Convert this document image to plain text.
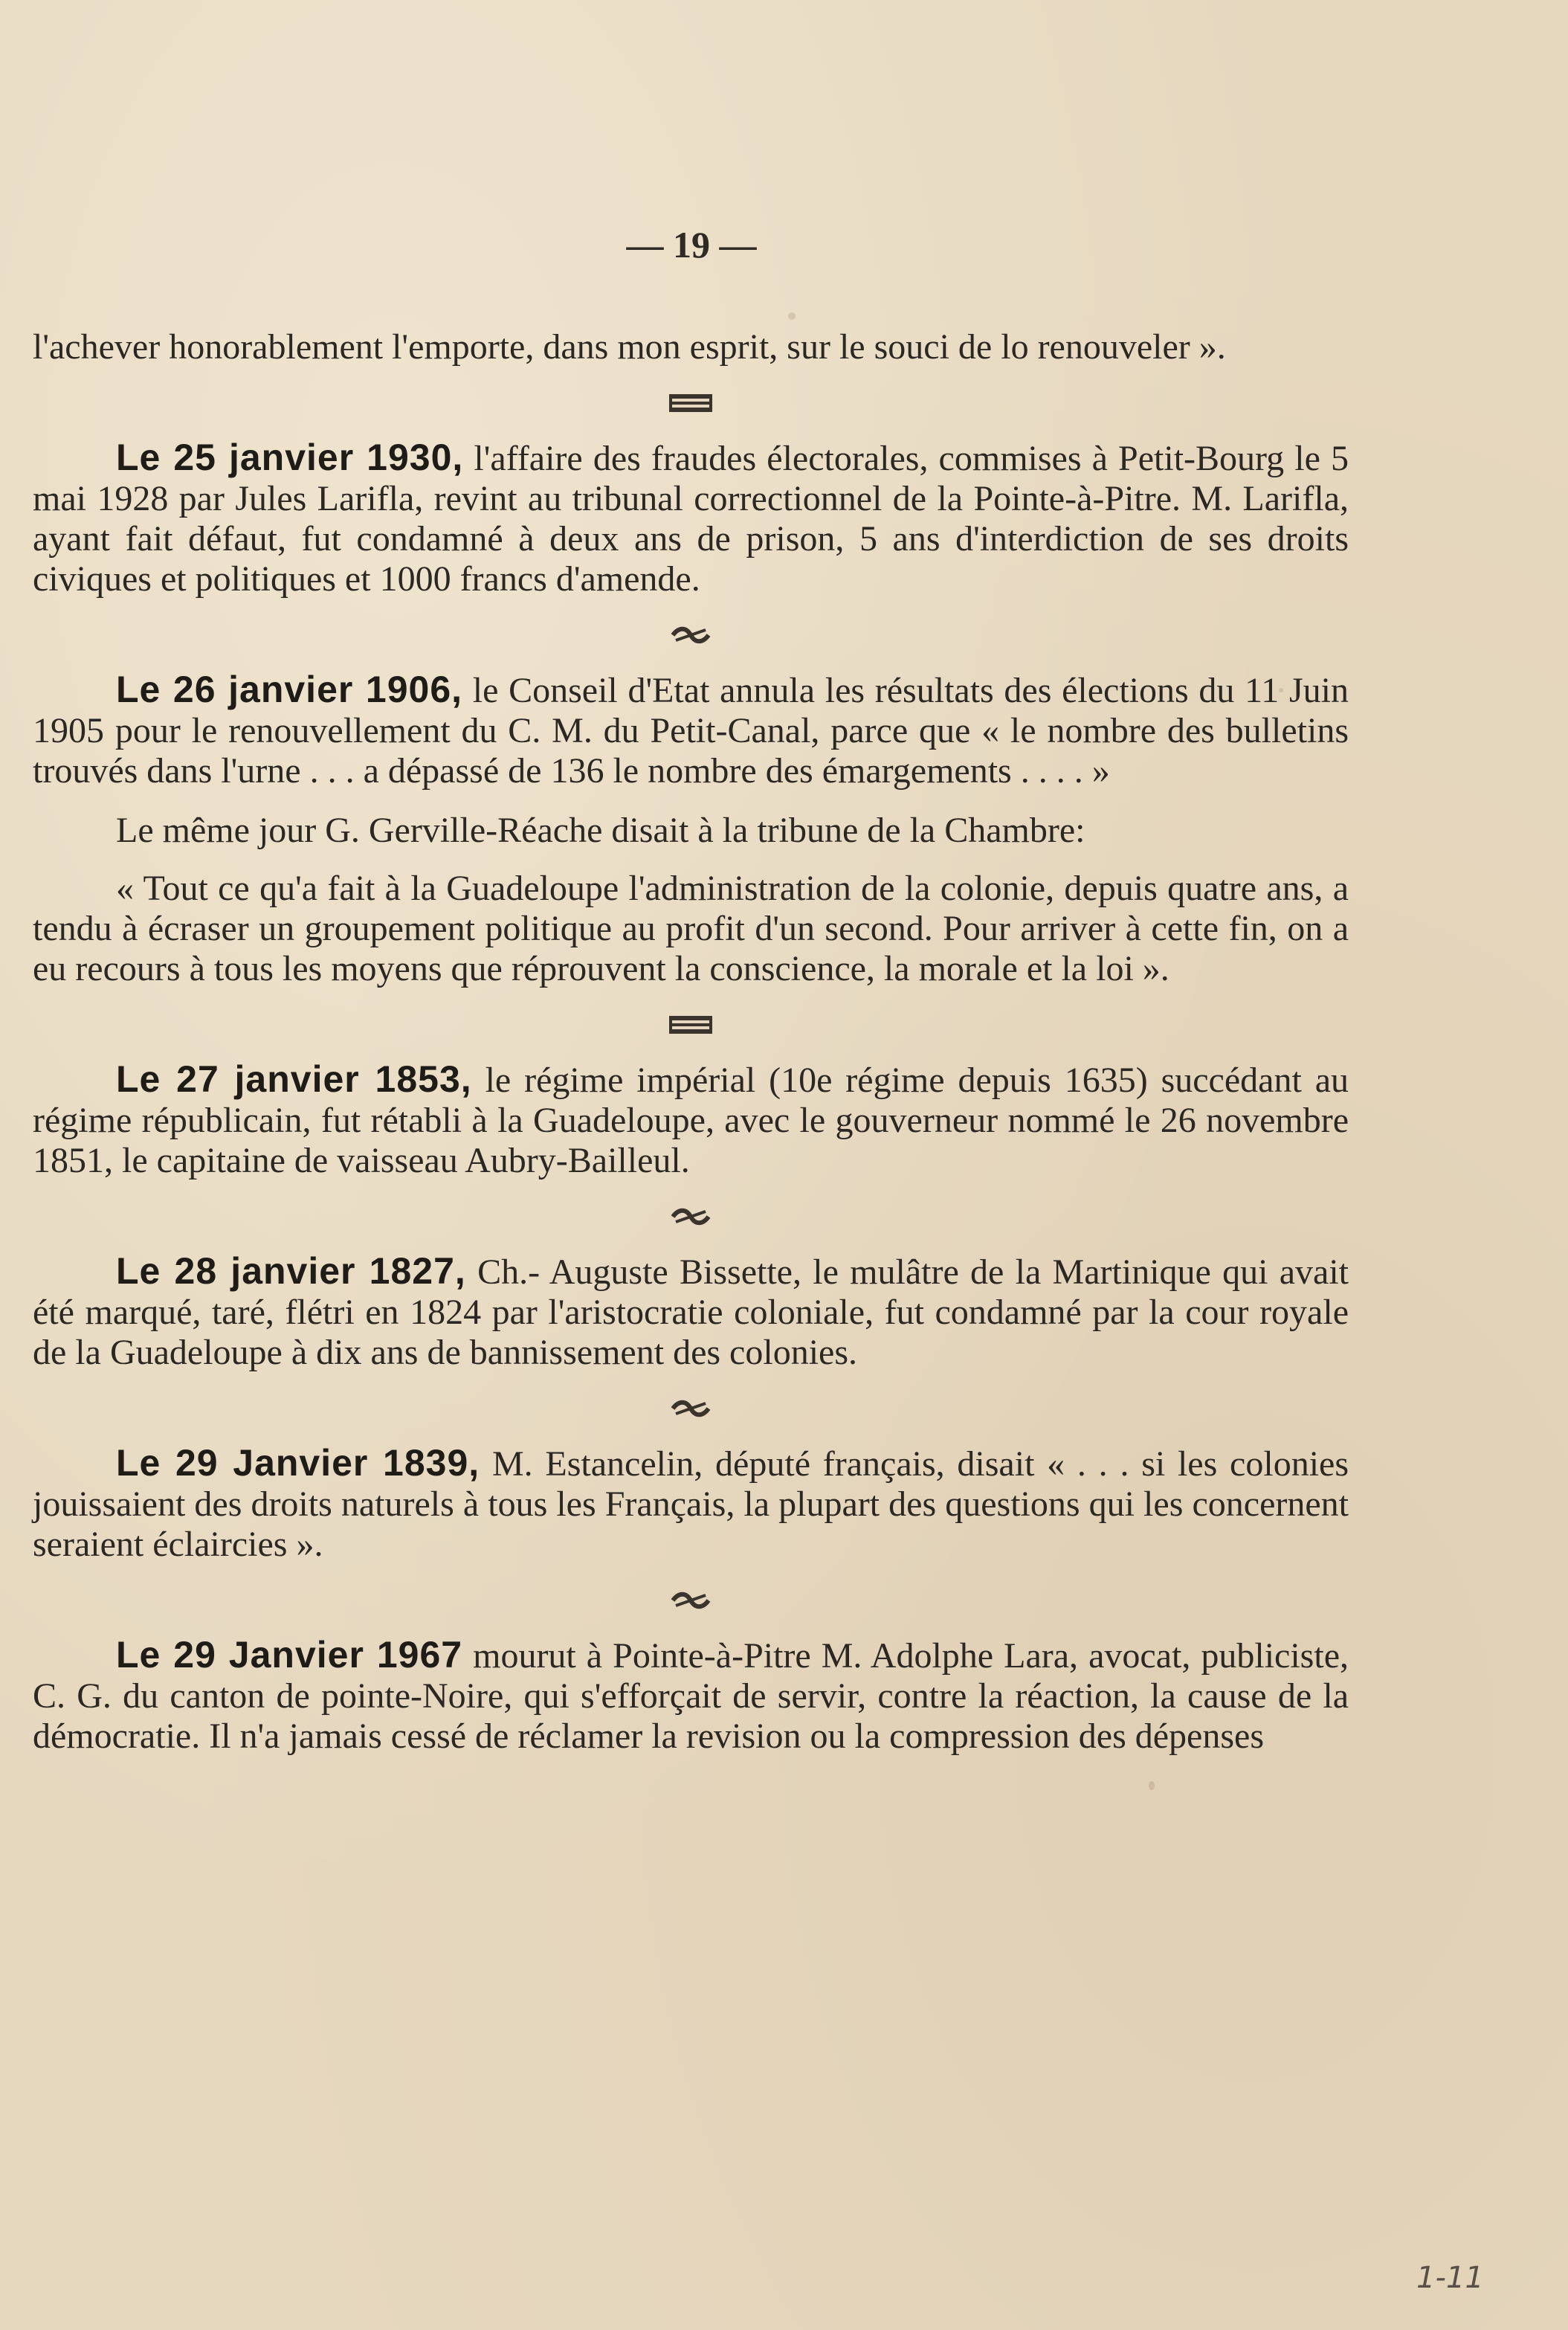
— 19 —

l'achever honorablement l'emporte, dans mon esprit, sur le souci de lo renouveler ».

Le 25 janvier 1930, l'affaire des fraudes électorales, commises à Petit-Bourg le 5 mai 1928 par Jules Larifla, revint au tribunal correctionnel de la Pointe-à-Pitre. M. Larifla, ayant fait défaut, fut condamné à deux ans de prison, 5 ans d'interdiction de ses droits civiques et politiques et 1000 francs d'amende.

Le 26 janvier 1906, le Conseil d'Etat annula les résultats des élections du 11 Juin 1905 pour le renouvellement du C. M. du Petit-Canal, parce que « le nombre des bulletins trouvés dans l'urne . . . a dépassé de 136 le nombre des émargements . . . . »

Le même jour G. Gerville-Réache disait à la tribune de la Chambre:

« Tout ce qu'a fait à la Guadeloupe l'administration de la colonie, depuis quatre ans, a tendu à écraser un groupement politique au profit d'un second. Pour arriver à cette fin, on a eu recours à tous les moyens que réprouvent la conscience, la morale et la loi ».

Le 27 janvier 1853, le régime impérial (10e régime depuis 1635) succédant au régime républicain, fut rétabli à la Guadeloupe, avec le gouverneur nommé le 26 novembre 1851, le capitaine de vaisseau Aubry-Bailleul.

Le 28 janvier 1827, Ch.- Auguste Bissette, le mulâtre de la Martinique qui avait été marqué, taré, flétri en 1824 par l'aristocratie coloniale, fut condamné par la cour royale de la Guadeloupe à dix ans de bannissement des colonies.

Le 29 Janvier 1839, M. Estancelin, député français, disait « . . . si les colonies jouissaient des droits naturels à tous les Français, la plupart des questions qui les concernent seraient éclaircies ».

Le 29 Janvier 1967 mourut à Pointe-à-Pitre M. Adolphe Lara, avocat, publiciste, C. G. du canton de pointe-Noire, qui s'efforçait de servir, contre la réaction, la cause de la démocratie. Il n'a jamais cessé de réclamer la revision ou la compression des dépenses

1-11
